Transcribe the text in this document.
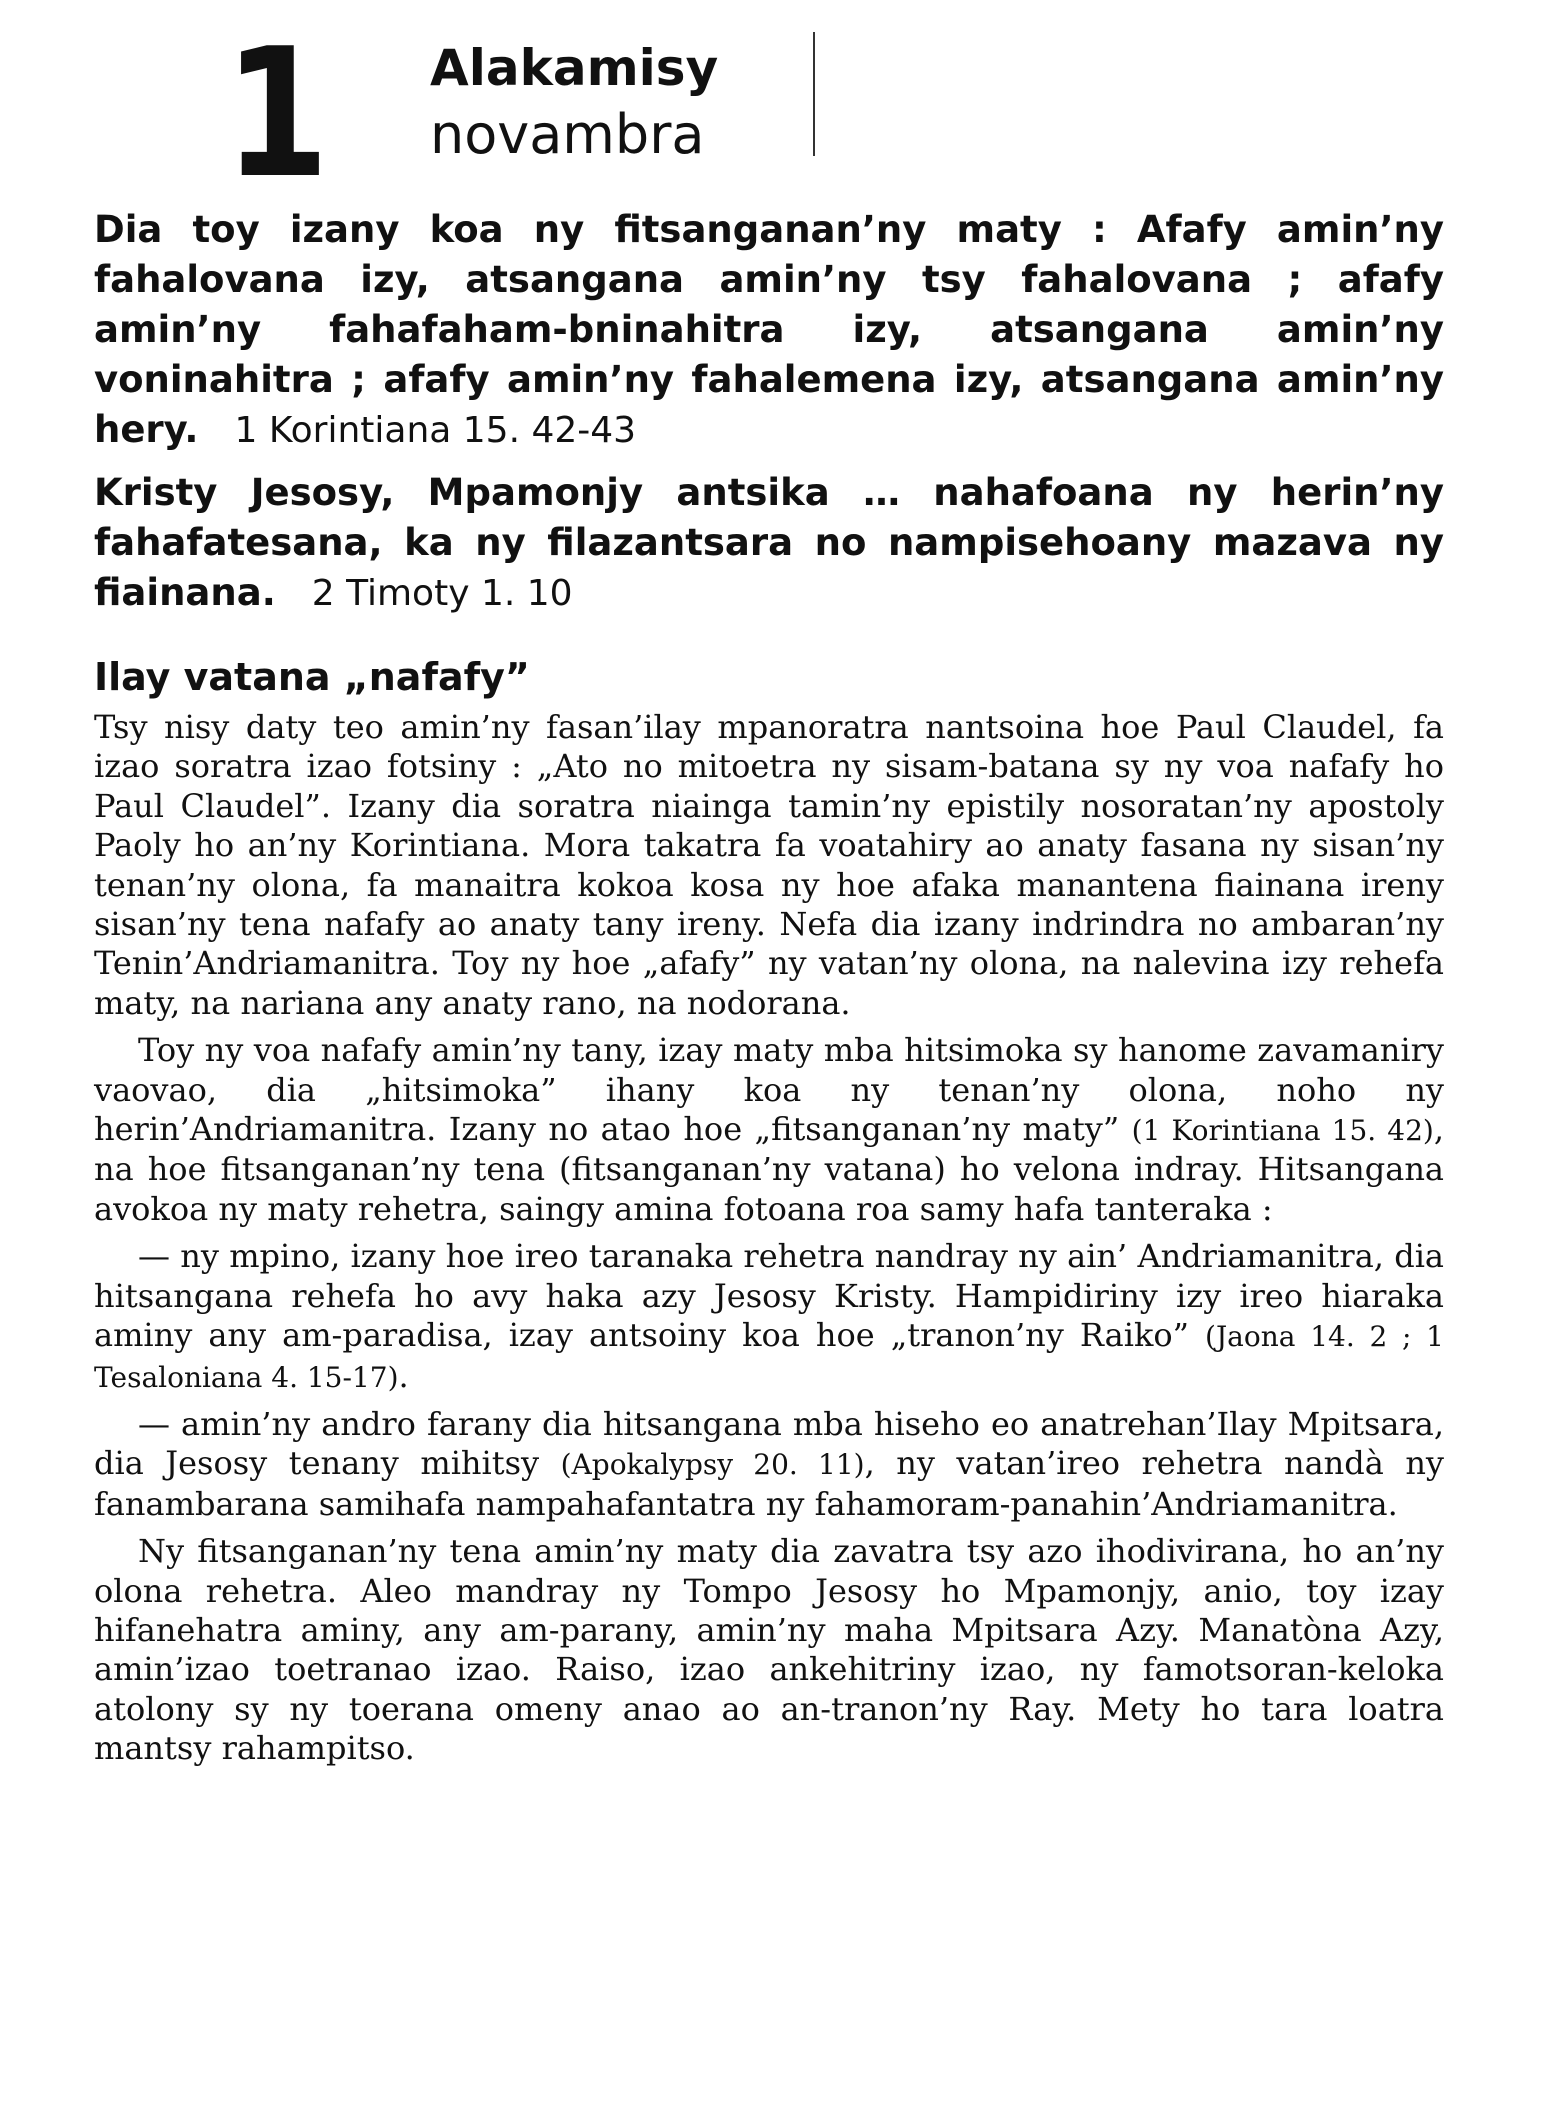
1 Alakamisy
novambra
Dia toy izany koa ny fitsanganan’ny maty : Afafy amin’ny fahalovana izy, atsangana amin’ny tsy fahalovana ; afafy amin’ny fahafaham-bninahitra izy, atsangana amin’ny voninahitra ; afafy amin’ny fahalemena izy, atsangana amin’ny hery. 1 Korintiana 15. 42-43
Kristy Jesosy, Mpamonjy antsika … nahafoana ny herin’ny fahafatesana, ka ny filazantsara no nampisehoany mazava ny fiainana. 2 Timoty 1. 10
Ilay vatana „nafafy”

Tsy nisy daty teo amin’ny fasan’ilay mpanoratra nantsoina hoe Paul Claudel, fa izao soratra izao fotsiny : „Ato no mitoetra ny sisam-batana sy ny voa nafafy ho Paul Claudel”. Izany dia soratra niainga tamin’ny epistily nosoratan’ny apostoly Paoly ho an’ny Korintiana. Mora takatra fa voatahiry ao anaty fasana ny sisan’ny tenan’ny olona, fa manaitra kokoa kosa ny hoe afaka manantena fiainana ireny sisan’ny tena nafafy ao anaty tany ireny. Nefa dia izany indrindra no ambaran’ny Tenin’Andriamanitra. Toy ny hoe „afafy” ny vatan’ny olona, na nalevina izy rehefa maty, na nariana any anaty rano, na nodorana.

Toy ny voa nafafy amin’ny tany, izay maty mba hitsimoka sy hanome zavamaniry vaovao, dia „hitsimoka” ihany koa ny tenan’ny olona, noho ny herin’Andriamanitra. Izany no atao hoe „fitsanganan’ny maty” (1 Korintiana 15. 42), na hoe fitsanganan’ny tena (fitsanganan’ny vatana) ho velona indray. Hitsangana avokoa ny maty rehetra, saingy amina fotoana roa samy hafa tanteraka :

— ny mpino, izany hoe ireo taranaka rehetra nandray ny ain’ Andriamanitra, dia hitsangana rehefa ho avy haka azy Jesosy Kristy. Hampidiriny izy ireo hiaraka aminy any am-paradisa, izay antsoiny koa hoe „tranon’ny Raiko” (Jaona 14. 2 ; 1 Tesaloniana 4. 15-17).

— amin’ny andro farany dia hitsangana mba hiseho eo anatrehan’Ilay Mpitsara, dia Jesosy tenany mihitsy (Apokalypsy 20. 11), ny vatan’ireo rehetra nandà ny fanambarana samihafa nampahafantatra ny fahamoram-panahin’Andriamanitra.

Ny fitsanganan’ny tena amin’ny maty dia zavatra tsy azo ihodivirana, ho an’ny olona rehetra. Aleo mandray ny Tompo Jesosy ho Mpamonjy, anio, toy izay hifanehatra aminy, any am-parany, amin’ny maha Mpitsara Azy. Manatòna Azy, amin’izao toetranao izao. Raiso, izao ankehitriny izao, ny famotsoran-keloka atolony sy ny toerana omeny anao ao an-tranon’ny Ray. Mety ho tara loatra mantsy rahampitso.
